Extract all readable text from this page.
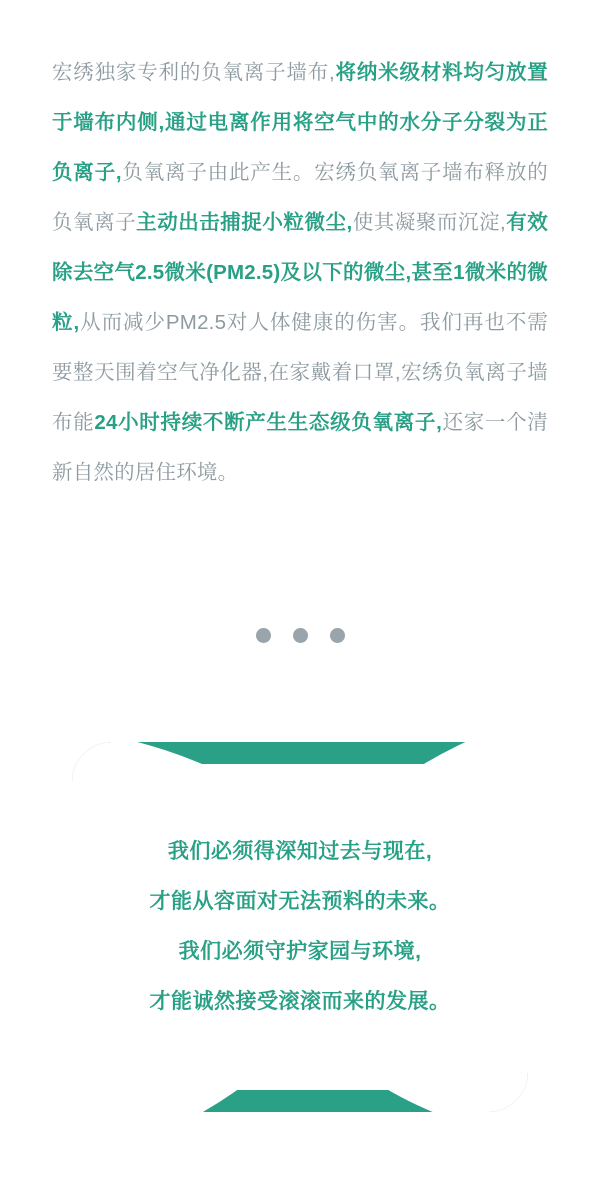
宏绣独家专利的负氧离子墙布,将纳米级材料均匀放置于墙布内侧,通过电离作用将空气中的水分子分裂为正负离子,负氧离子由此产生。宏绣负氧离子墙布释放的负氧离子主动出击捕捉小粒微尘,使其凝聚而沉淀,有效除去空气2.5微米(PM2.5)及以下的微尘,甚至1微米的微粒,从而减少PM2.5对人体健康的伤害。我们再也不需要整天围着空气净化器,在家戴着口罩,宏绣负氧离子墙布能24小时持续不断产生生态级负氧离子,还家一个清新自然的居住环境。
我们必须得深知过去与现在,
才能从容面对无法预料的未来。
我们必须守护家园与环境,
才能诚然接受滚滚而来的发展。
